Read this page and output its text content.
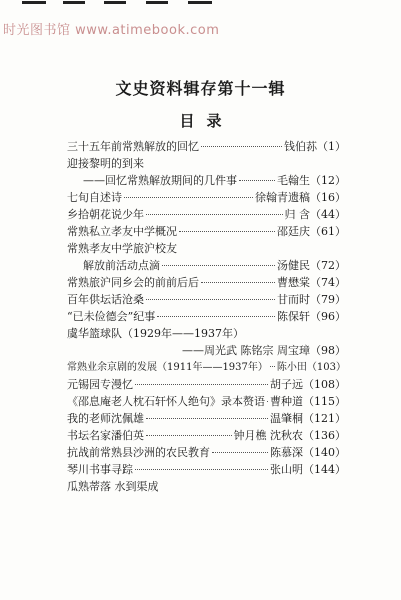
时光图书馆 www.atimebook.com
文史资料辑存第十一辑
目录
三十五年前常熟解放的回忆	钱伯荪 （1）
迎接黎明的到来
——回忆常熟解放期间的几件事	毛翰生 （12）
七旬自述诗	徐翰青遗稿 （16）
乡拾朝花说少年	归 含 （44）
常熟私立孝友中学概况	邵廷庆 （61）
常熟孝友中学旅沪校友
解放前活动点滴	汤健民 （72）
常熟旅沪同乡会的前前后后	曹懋棠 （74）
百年供坛话沧桑	甘而时 （79）
“已未俭德会”纪事	陈保轩 （96）
虞华篮球队（1929年——1937年）
——周光武 陈铭宗 周宝璋 （98）
常熟业余京剧的发展（1911年——1937年） 陈小田 （103）
元锡园专漫忆	胡子远 （108）
《邵息庵老人枕石轩怀人绝句》录本赘语 曹种道 （115）
我的老师沈佩雄	温肇桐 （121）
书坛名家潘伯英	钟月樵 沈秋农 （136）
抗战前常熟县沙洲的农民教育	陈慕深 （140）
琴川书事寻踪	张山明 （144）
瓜熟蒂落 水到渠成
